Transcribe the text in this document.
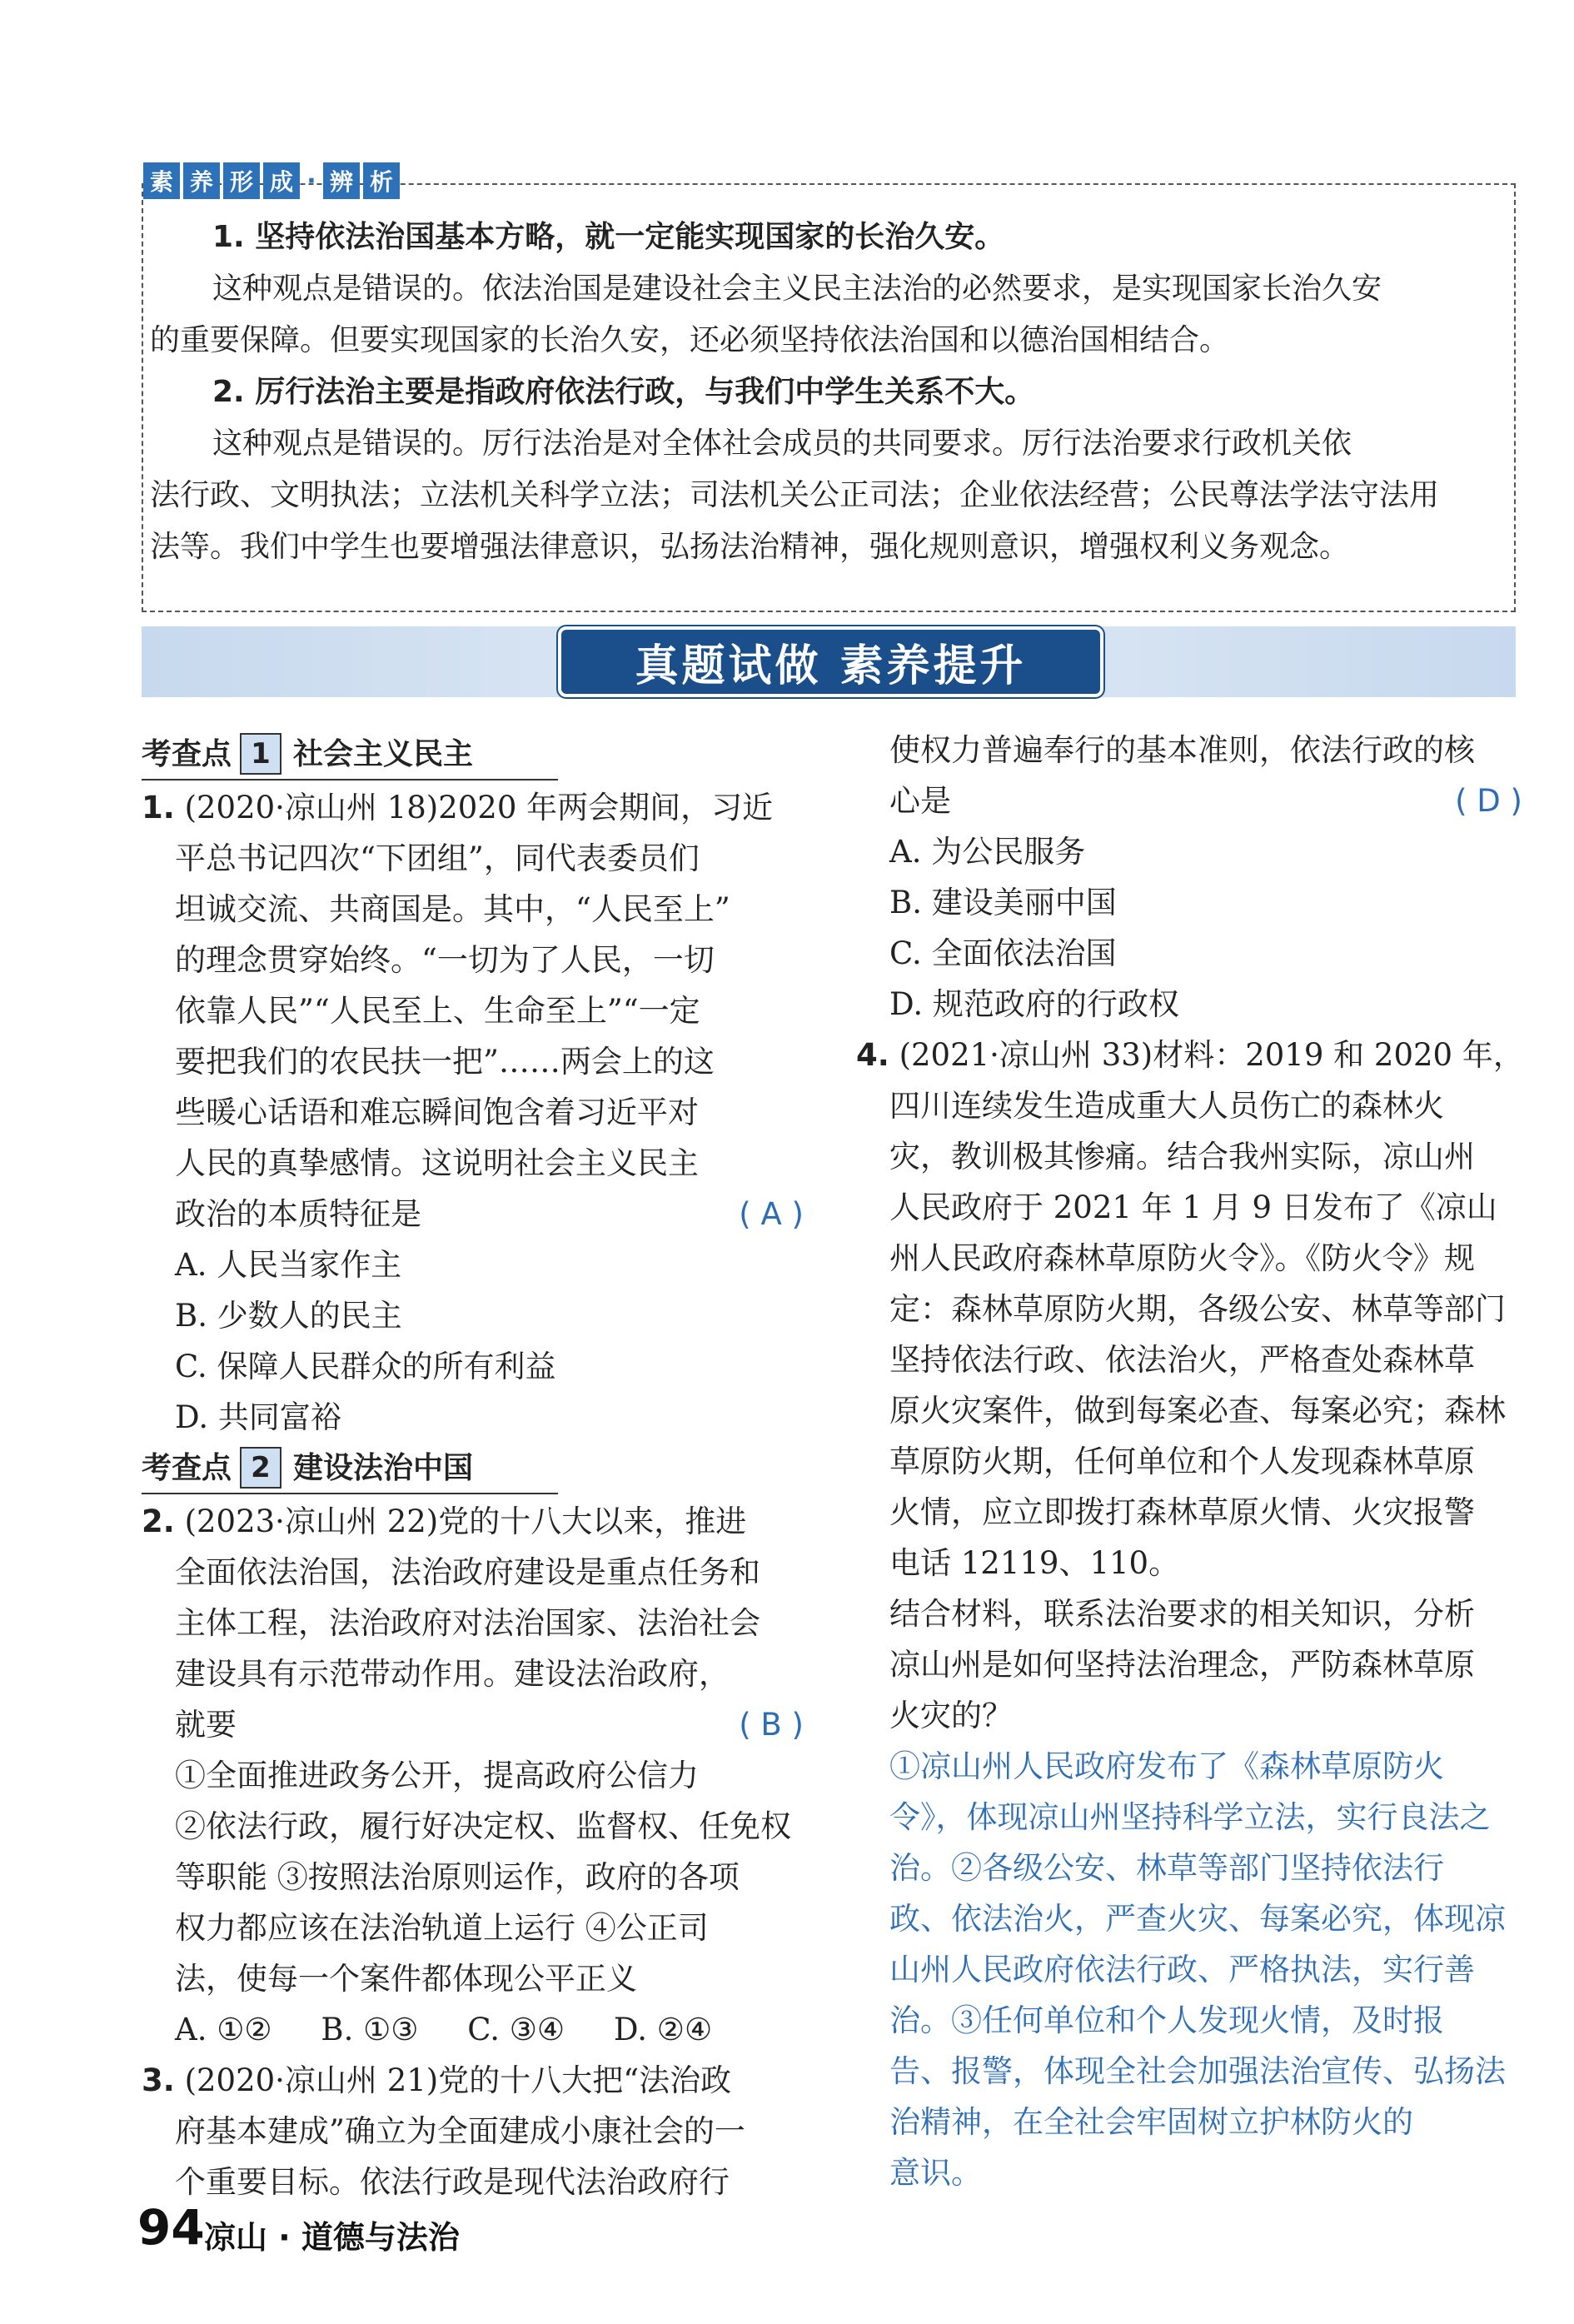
素 养 形 成 · 辨 析
1. 坚持依法治国基本方略，就一定能实现国家的长治久安。
这种观点是错误的。依法治国是建设社会主义民主法治的必然要求，是实现国家长治久安
的重要保障。但要实现国家的长治久安，还必须坚持依法治国和以德治国相结合。
2. 厉行法治主要是指政府依法行政，与我们中学生关系不大。
这种观点是错误的。厉行法治是对全体社会成员的共同要求。厉行法治要求行政机关依
法行政、文明执法；立法机关科学立法；司法机关公正司法；企业依法经营；公民尊法学法守法用
法等。我们中学生也要增强法律意识，弘扬法治精神，强化规则意识，增强权利义务观念。
真题试做 素养提升
考查点 1 社会主义民主
1. (2020·凉山州 18)2020 年两会期间，习近
平总书记四次“下团组”，同代表委员们
坦诚交流、共商国是。其中，“人民至上”
的理念贯穿始终。“一切为了人民，一切
依靠人民”“人民至上、生命至上”“一定
要把我们的农民扶一把”……两会上的这
些暖心话语和难忘瞬间饱含着习近平对
人民的真挚感情。这说明社会主义民主
政治的本质特征是	( A )
A. 人民当家作主
B. 少数人的民主
C. 保障人民群众的所有利益
D. 共同富裕
考查点 2 建设法治中国
2. (2023·凉山州 22)党的十八大以来，推进
全面依法治国，法治政府建设是重点任务和
主体工程，法治政府对法治国家、法治社会
建设具有示范带动作用。建设法治政府，
就要	( B )
①全面推进政务公开，提高政府公信力
②依法行政，履行好决定权、监督权、任免权
等职能 ③按照法治原则运作，政府的各项
权力都应该在法治轨道上运行 ④公正司
法，使每一个案件都体现公平正义
A. ①②     B. ①③     C. ③④     D. ②④
3. (2020·凉山州 21)党的十八大把“法治政
府基本建成”确立为全面建成小康社会的一
个重要目标。依法行政是现代法治政府行
使权力普遍奉行的基本准则，依法行政的核
心是	( D )
A. 为公民服务
B. 建设美丽中国
C. 全面依法治国
D. 规范政府的行政权
4. (2021·凉山州 33)材料：2019 和 2020 年，
四川连续发生造成重大人员伤亡的森林火
灾，教训极其惨痛。结合我州实际，凉山州
人民政府于 2021 年 1 月 9 日发布了《凉山
州人民政府森林草原防火令》。《防火令》规
定：森林草原防火期，各级公安、林草等部门
坚持依法行政、依法治火，严格查处森林草
原火灾案件，做到每案必查、每案必究；森林
草原防火期，任何单位和个人发现森林草原
火情，应立即拨打森林草原火情、火灾报警
电话 12119、110。
结合材料，联系法治要求的相关知识，分析
凉山州是如何坚持法治理念，严防森林草原
火灾的？
①凉山州人民政府发布了《森林草原防火
令》，体现凉山州坚持科学立法，实行良法之
治。②各级公安、林草等部门坚持依法行
政、依法治火，严查火灾、每案必究，体现凉
山州人民政府依法行政、严格执法，实行善
治。③任何单位和个人发现火情，及时报
告、报警，体现全社会加强法治宣传、弘扬法
治精神，在全社会牢固树立护林防火的
意识。
94 凉山 · 道德与法治
